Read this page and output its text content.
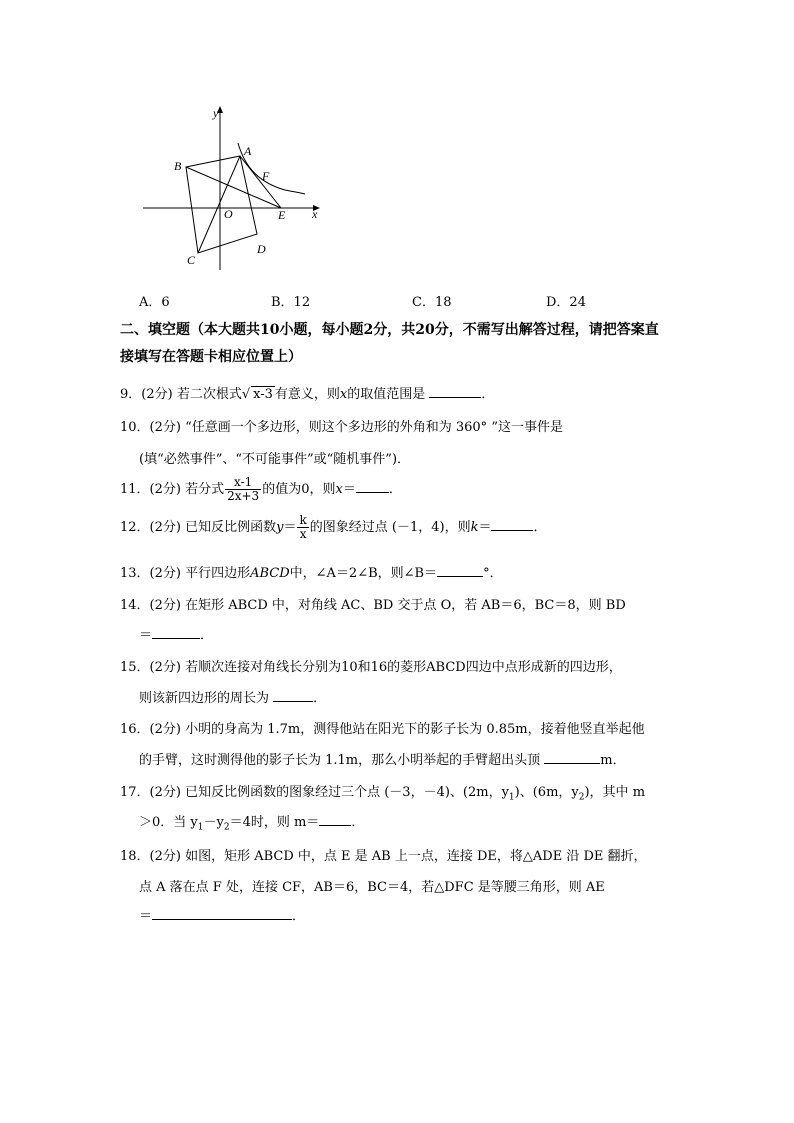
y
x
O
A
B
C
D
E
F
A．6	B．12	C．18	D．24
二、填空题（本大题共10小题，每小题2分，共20分，不需写出解答过程，请把答案直
接填写在答题卡相应位置上）
9．(2分) 若二次根式√ x-3 有意义，则x的取值范围是	．
10．(2分) “任意画一个多边形，则这个多边形的外角和为 360° ”这一事件是
(填“必然事件”、“不可能事件”或“随机事件”)．
11．(2分) 若分式 $\frac{x-1}{2x+3}$ 的值为0，则x＝	．
12．(2分) 已知反比例函数$y= \frac{k}{x}$ 的图象经过点 (－1，4)，则k＝	．
13．(2分) 平行四边形ABCD中，∠A＝2∠B，则∠B＝	°．
14．(2分) 在矩形 ABCD 中，对角线 AC、BD 交于点 O，若 AB＝6，BC＝8，则 BD
＝	．
15．(2分) 若顺次连接对角线长分别为10和16的菱形ABCD四边中点形成新的四边形，
则该新四边形的周长为	．
16．(2分) 小明的身高为 1.7m，测得他站在阳光下的影子长为 0.85m，接着他竖直举起他
的手臂，这时测得他的影子长为 1.1m，那么小明举起的手臂超出头顶	m．
17．(2分) 已知反比例函数的图象经过三个点 (－3，－4)、(2m，$y_1$)、(6m，$y_2$)，其中 m
＞0．当 $y_1-y_2=4$时，则 m＝ ．
18．(2分) 如图，矩形 ABCD 中，点 E 是 AB 上一点，连接 DE，将△ADE 沿 DE 翻折，
点 A 落在点 F 处，连接 CF，AB＝6，BC＝4，若△DFC 是等腰三角形，则 AE
＝	．
